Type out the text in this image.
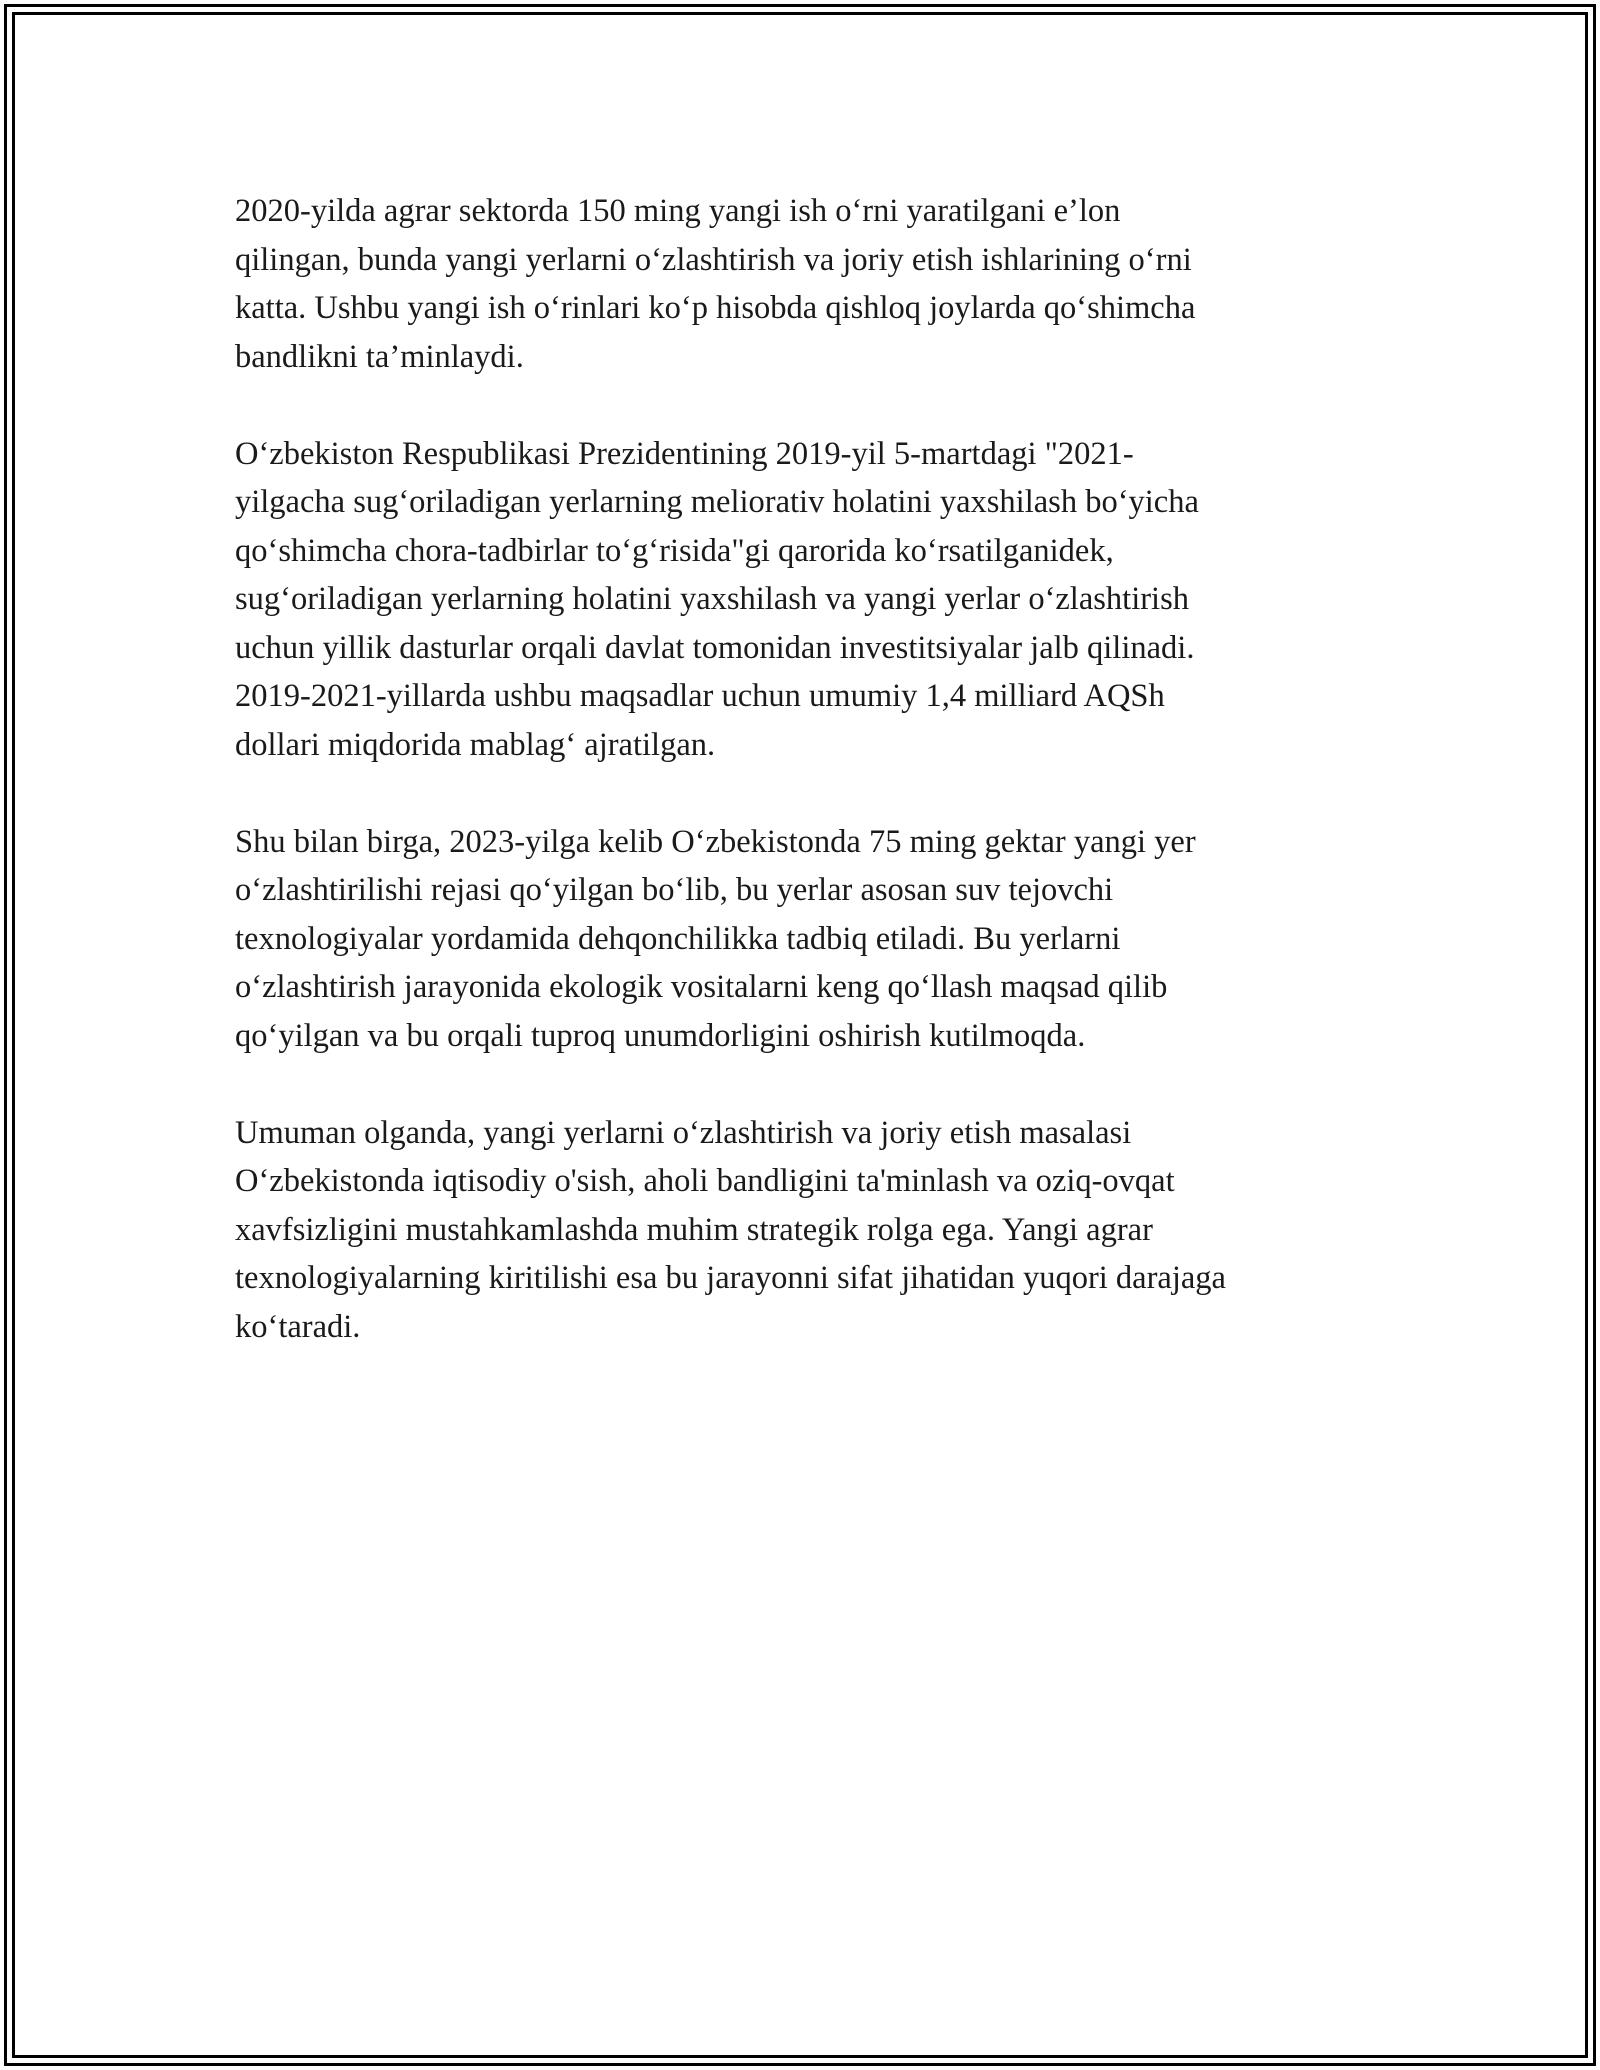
2020-yilda agrar sektorda 150 ming yangi ish o‘rni yaratilgani e’lon
qilingan, bunda yangi yerlarni o‘zlashtirish va joriy etish ishlarining o‘rni
katta. Ushbu yangi ish o‘rinlari ko‘p hisobda qishloq joylarda qo‘shimcha
bandlikni ta’minlaydi.

O‘zbekiston Respublikasi Prezidentining 2019-yil 5-martdagi "2021-
yilgacha sug‘oriladigan yerlarning meliorativ holatini yaxshilash bo‘yicha
qo‘shimcha chora-tadbirlar to‘g‘risida"gi qarorida ko‘rsatilganidek,
sug‘oriladigan yerlarning holatini yaxshilash va yangi yerlar o‘zlashtirish
uchun yillik dasturlar orqali davlat tomonidan investitsiyalar jalb qilinadi.
2019-2021-yillarda ushbu maqsadlar uchun umumiy 1,4 milliard AQSh
dollari miqdorida mablag‘ ajratilgan.

Shu bilan birga, 2023-yilga kelib O‘zbekistonda 75 ming gektar yangi yer
o‘zlashtirilishi rejasi qo‘yilgan bo‘lib, bu yerlar asosan suv tejovchi
texnologiyalar yordamida dehqonchilikka tadbiq etiladi. Bu yerlarni
o‘zlashtirish jarayonida ekologik vositalarni keng qo‘llash maqsad qilib
qo‘yilgan va bu orqali tuproq unumdorligini oshirish kutilmoqda.

Umuman olganda, yangi yerlarni o‘zlashtirish va joriy etish masalasi
O‘zbekistonda iqtisodiy o'sish, aholi bandligini ta'minlash va oziq-ovqat
xavfsizligini mustahkamlashda muhim strategik rolga ega. Yangi agrar
texnologiyalarning kiritilishi esa bu jarayonni sifat jihatidan yuqori darajaga
ko‘taradi.
